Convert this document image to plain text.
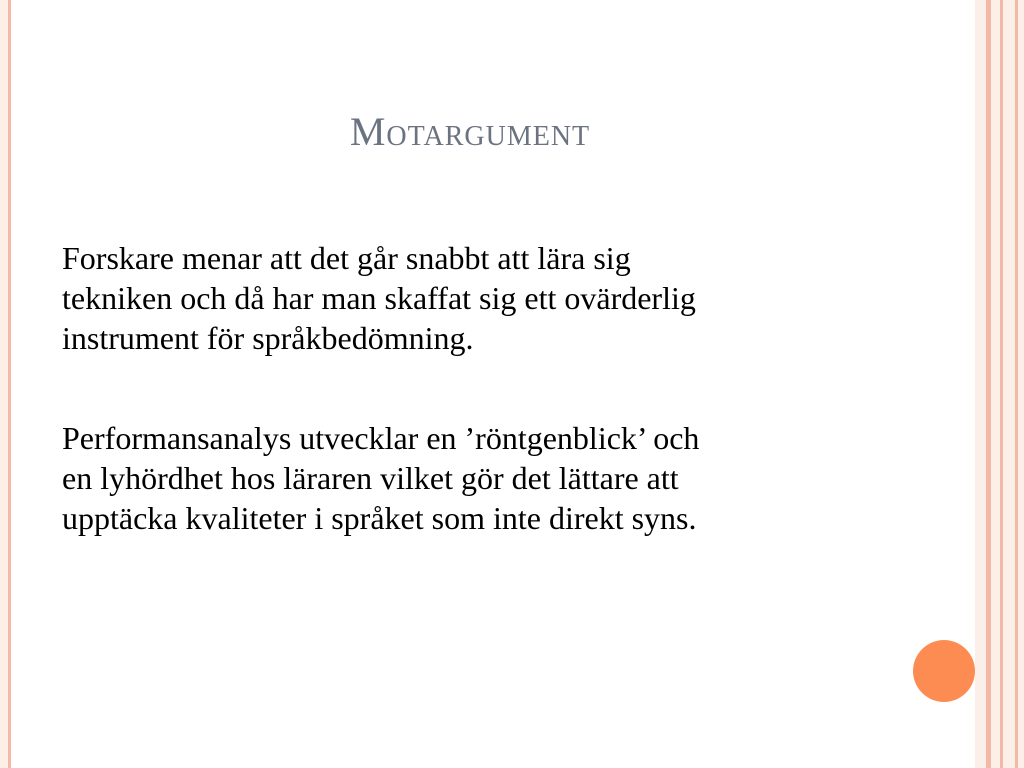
Motargument

Forskare menar att det går snabbt att lära sig
tekniken och då har man skaffat sig ett ovärderlig
instrument för språkbedömning.

Performansanalys utvecklar en ’röntgenblick’ och
en lyhördhet hos läraren vilket gör det lättare att
upptäcka kvaliteter i språket som inte direkt syns.
